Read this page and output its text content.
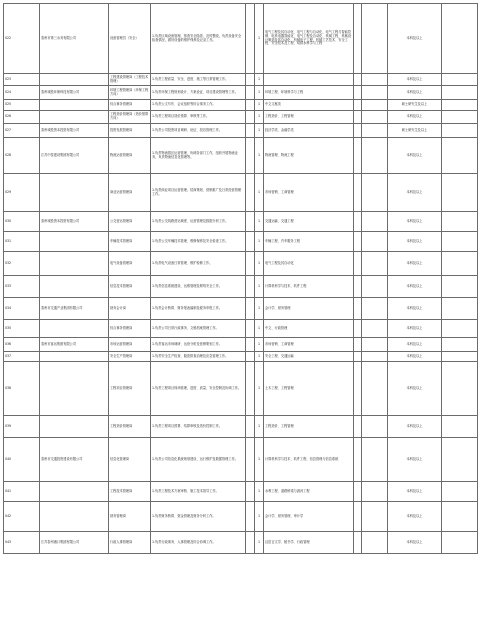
022	泰州市第三水务有限公司	设备管理员（安全）	1.负责区域设备管理，排查安全隐患，及时整改，负责设备安全检查情况，做好设备的维护保养及记录工作。		1	电气工程及其自动化、电气工程与自动化、电气工程与智能控制、电机电器智能化、电气工程及自动化、机械工程、机械设计制造及其自动化、机械电子工程、机械工艺技术、安全工程、安全技术及工程、给排水科学与工程			本科及以上	
023		工程建设管理岗（工程技术管理）	1.负责工程质量、安全、进度、施工等日常管理工作。		1				本科及以上	
024	泰州城投环保科技有限公司	环境工程管理岗（环保工程方向）	1.负责环保工程规划设计、方案论证、项目建设管理等工作。		1	环境工程、环境科学与工程			本科及以上	
025		综合事务管理岗	1.负责公文写作、会议组织等综合事务工作。		1	中文文秘类			硕士研究生及以上	
026		工程造价管理岗（造价预算方向）	1.负责工程项目造价预算、审核等工作。		1	工程造价、工程管理			本科及以上	
027	泰州城投资本投资有限公司	投资发展管理岗	1.负责公司投资项目调研、论证、投后管理工作。		1	经济学类、金融学类			硕士研究生及以上	
028	江苏中泰建设集团有限公司	物流运营管理岗	1.负责物流园区运营管理，协调各部门工作，组织开展物流业务，负责物流信息化管理等。		1	物流管理、物流工程			本科及以上	
029		商业运营管理岗	1.负责商业项目运营管理，招商策划、营销推广及日常经营管理工作。		1	市场营销、工商管理			本科及以上	
030	泰州城投资本投资有限公司	公交营运管理岗	1.负责公交线路营运调度、运营管理及数据分析工作。		1	交通运输、交通工程			本科及以上	
031		车辆技术管理岗	1.负责公交车辆技术管理、维修保养及安全检查工作。		1	车辆工程、汽车服务工程			本科及以上	
032		电气设备管理岗	1.负责电气设备日常管理、维护检修工作。		1	电气工程及其自动化			本科及以上	
033		信息技术管理岗	1.负责信息系统建设、运维管理及网络安全工作。		1	计算机科学与技术、软件工程			本科及以上	
034	泰州市交通产业集团有限公司	财务会计岗	1.负责会计核算、财务报表编制及税务申报工作。		1	会计学、财务管理			本科及以上	
035		综合事务管理岗	1.负责公司日常行政事务、文秘档案管理工作。		1	中文、行政管理			本科及以上	
036	泰州市客运集团有限公司	市场运营管理岗	1.负责客运市场调研、运营分析及营销策划工作。		1	市场营销、工商管理			本科及以上	
037		安全生产管理岗	1.负责安全生产检查、隐患排查治理及应急管理工作。		1	安全工程、交通运输			本科及以上	
038		工程项目管理岗	1.负责工程项目现场管理，进度、质量、安全控制及协调工作。		1	土木工程、工程管理			本科及以上	
039		工程造价管理岗	1.负责工程项目预算、结算审核及造价控制工作。		1	工程造价、工程管理			本科及以上	
040	泰州市交通投资建设有限公司	信息化管理岗	1.负责公司信息化系统规划建设、运行维护及数据管理工作。		1	计算机科学与技术、软件工程、信息管理与信息系统			本科及以上	
041		工程技术管理岗	1.负责工程技术方案审核、施工技术指导工作。		1	水利工程、道路桥梁与渡河工程			本科及以上	
042		财务管理岗	1.负责财务核算、资金管理及财务分析工作。		1	会计学、财务管理、审计学			本科及以上	
043	江苏泰州港口集团有限公司	行政人事管理岗	1.负责行政事务、人事管理及综合协调工作。		1	汉语言文学、秘书学、行政管理			本科及以上	
